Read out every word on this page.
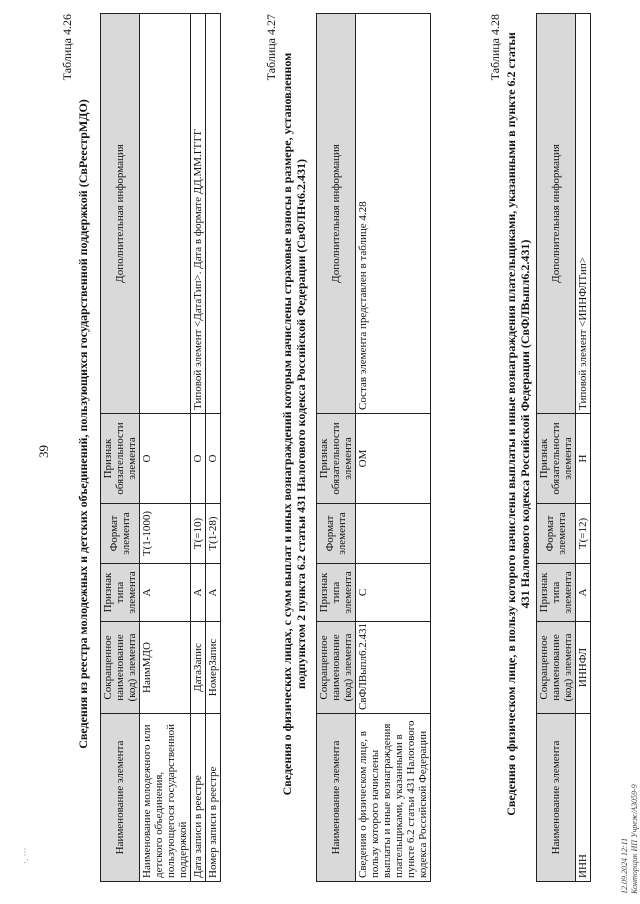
·. ···
39
Таблица 4.26
Сведения из реестра молодежных и детских объединений, пользующихся государственной поддержкой (СвРеестрМДО)
Наименование элемента	Сокращенное наименование (код) элемента	Признак типа элемента	Формат элемента	Признак обязательности элемента	Дополнительная информация
Наименование молодежного или детского объединения, пользующегося государственной поддержкой	НаимМДО	А	T(1-1000)	О	
Дата записи в реестре	ДатаЗапис	А	T(=10)	О	Типовой элемент <ДатаТип>. Дата в формате ДД.ММ.ГГГГ
Номер записи в реестре	НомерЗапис	А	T(1-28)	О	
Таблица 4.27
Сведения о физических лицах, с сумм выплат и иных вознаграждений которым начислены страховые взносы в размере, установленном подпунктом 2 пункта 6.2 статьи 431 Налогового кодекса Российской Федерации (СвФЛНч6.2.431)
Наименование элемента	Сокращенное наименование (код) элемента	Признак типа элемента	Формат элемента	Признак обязательности элемента	Дополнительная информация
Сведения о физическом лице, в пользу которого начислены выплаты и иные вознаграждения плательщиками, указанными в пункте 6.2 статьи 431 Налогового кодекса Российской Федерации	СвФЛВыпл6.2.431	С		ОМ	Состав элемента представлен в таблице 4.28
Таблица 4.28 Сведения о физическом лице, в пользу которого начислены выплаты и иные вознаграждения плательщиками, указанными в пункте 6.2 статьи 431 Налогового кодекса Российской Федерации (СвФЛВыпл6.2.431)
Наименование элемента	Сокращенное наименование (код) элемента	Признак типа элемента	Формат элемента	Признак обязательности элемента	Дополнительная информация
ИНН	ИННФЛ	А	T(=12)	Н	Типовой элемент <ИННФЛТип>
12.09.2024 12:11 Конторщик ИП Учреж/АЗ059-9
